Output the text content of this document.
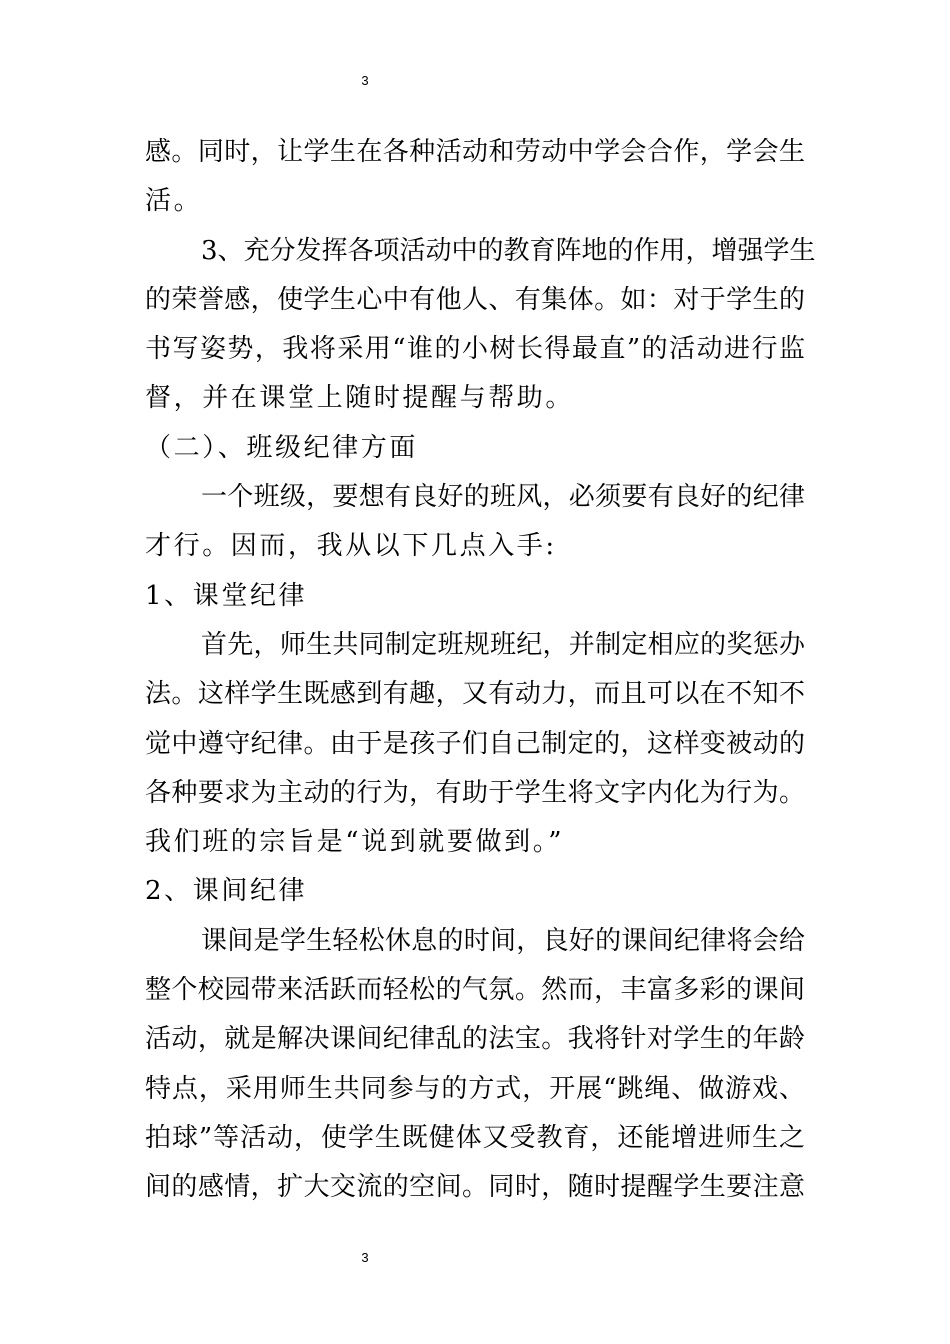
3
感。同时，让学生在各种活动和劳动中学会合作，学会生
活。
3、充分发挥各项活动中的教育阵地的作用，增强学生
的荣誉感，使学生心中有他人、有集体。如：对于学生的
书写姿势，我将采用“谁的小树长得最直”的活动进行监
督，并在课堂上随时提醒与帮助。
（二）、班级纪律方面
一个班级，要想有良好的班风，必须要有良好的纪律
才行。因而，我从以下几点入手:
1、课堂纪律
首先，师生共同制定班规班纪，并制定相应的奖惩办
法。这样学生既感到有趣，又有动力，而且可以在不知不
觉中遵守纪律。由于是孩子们自己制定的，这样变被动的
各种要求为主动的行为，有助于学生将文字内化为行为。
我们班的宗旨是“说到就要做到。”
2、课间纪律
课间是学生轻松休息的时间，良好的课间纪律将会给
整个校园带来活跃而轻松的气氛。然而，丰富多彩的课间
活动，就是解决课间纪律乱的法宝。我将针对学生的年龄
特点，采用师生共同参与的方式，开展“跳绳、做游戏、
拍球”等活动，使学生既健体又受教育，还能增进师生之
间的感情，扩大交流的空间。同时，随时提醒学生要注意
3
